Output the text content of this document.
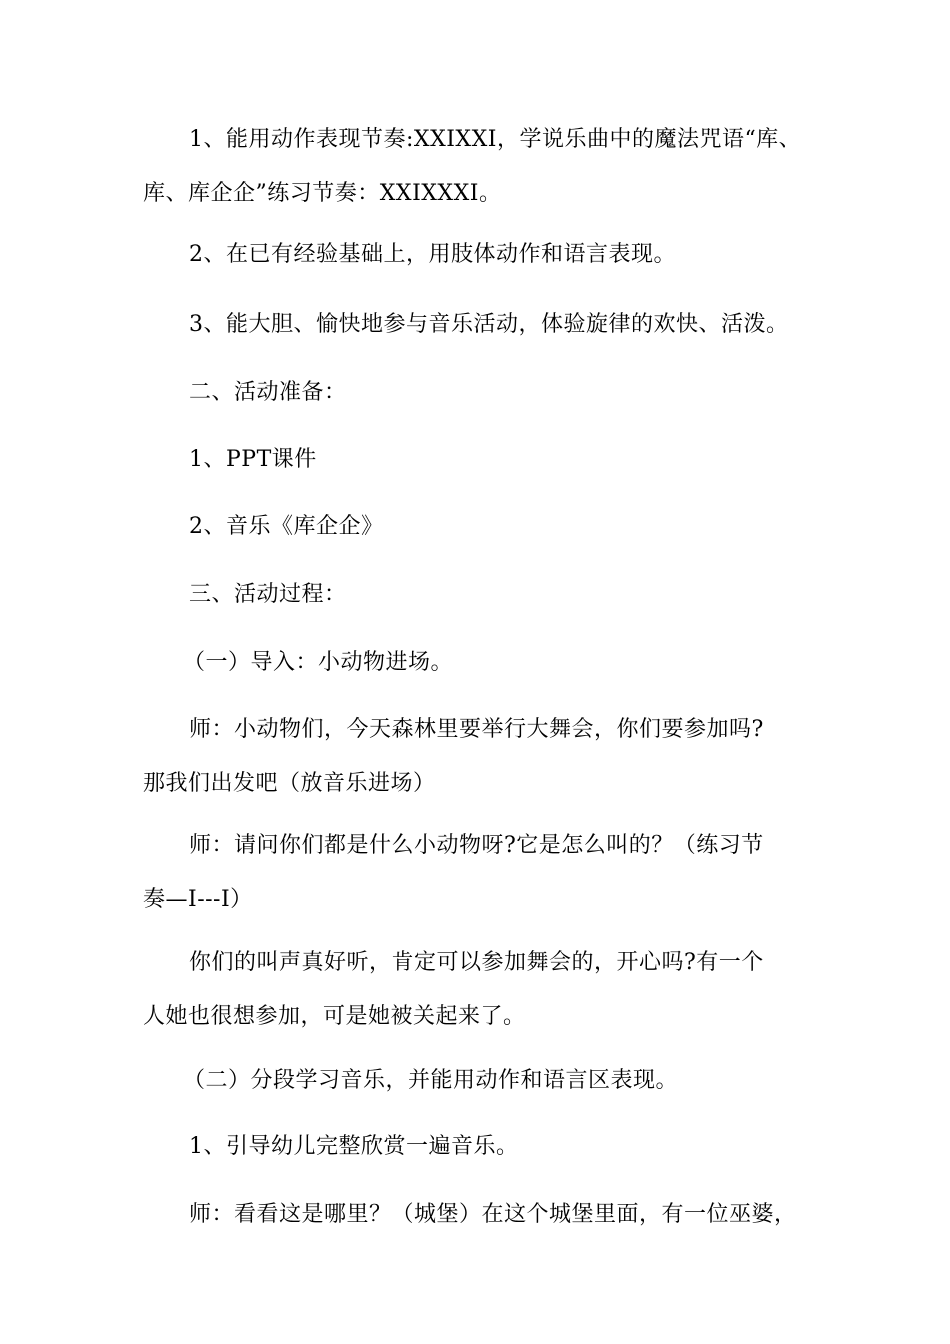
1、能用动作表现节奏:XXIXXI，学说乐曲中的魔法咒语“库、
库、库企企”练习节奏：XXIXXXI。
2、在已有经验基础上，用肢体动作和语言表现。
3、能大胆、愉快地参与音乐活动，体验旋律的欢快、活泼。
二、活动准备：
1、PPT课件
2、音乐《库企企》
三、活动过程：
（一）导入：小动物进场。
师：小动物们，今天森林里要举行大舞会，你们要参加吗?
那我们出发吧（放音乐进场）
师：请问你们都是什么小动物呀?它是怎么叫的？（练习节
奏—I---I）
你们的叫声真好听，肯定可以参加舞会的，开心吗?有一个
人她也很想参加，可是她被关起来了。
（二）分段学习音乐，并能用动作和语言区表现。
1、引导幼儿完整欣赏一遍音乐。
师：看看这是哪里？（城堡）在这个城堡里面，有一位巫婆，
